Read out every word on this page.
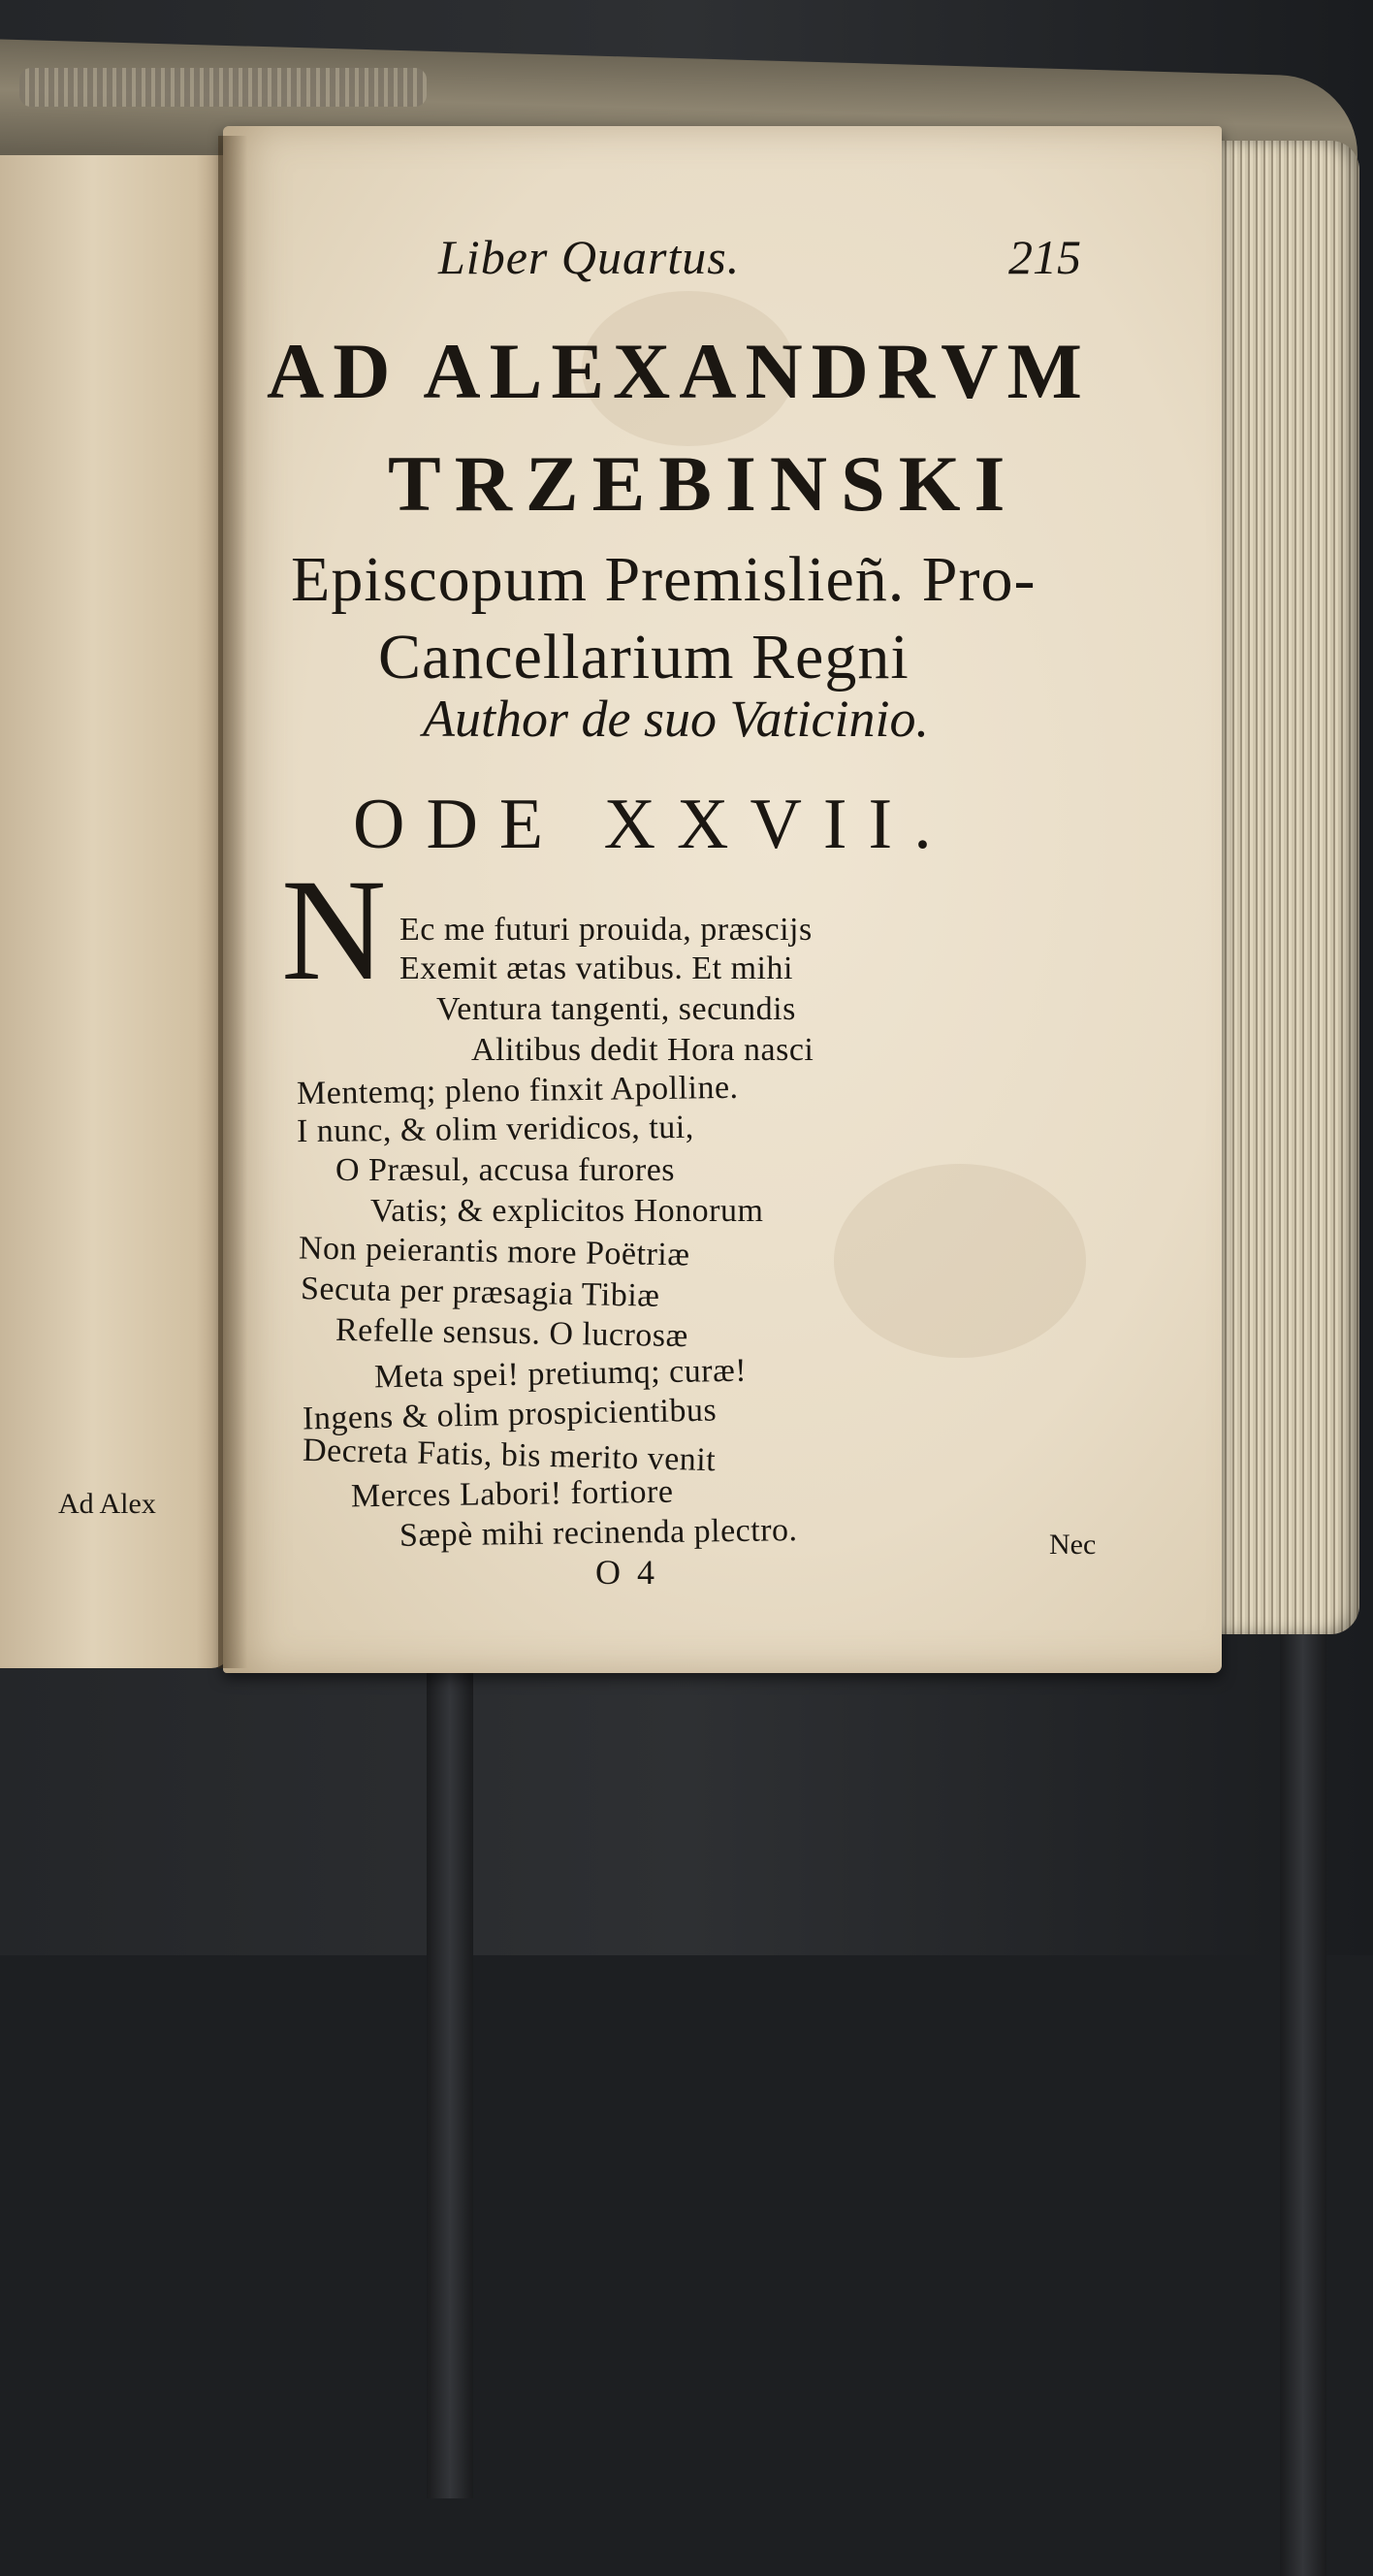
Ad Alex
Liber Quartus.	215
AD ALEXANDRVM
TRZEBINSKI
Episcopum Premislieñ. Pro-
Cancellarium Regni
Author de suo Vaticinio.
ODE XXVII.
N Ec me futuri prouida, præscijs
Exemit ætas vatibus. Et mihi
Ventura tangenti, secundis
Alitibus dedit Hora nasci
Mentemq; pleno finxit Apolline.
I nunc, & olim veridicos, tui,
O Præsul, accusa furores
Vatis; & explicitos Honorum
Non peierantis more Poëtriæ
Secuta per præsagia Tibiæ
Refelle sensus. O lucrosæ
Meta spei! pretiumq; curæ!
Ingens & olim prospicientibus
Decreta Fatis, bis merito venit
Merces Labori! fortiore
Sæpè mihi recinenda plectro.
O 4
Nec
